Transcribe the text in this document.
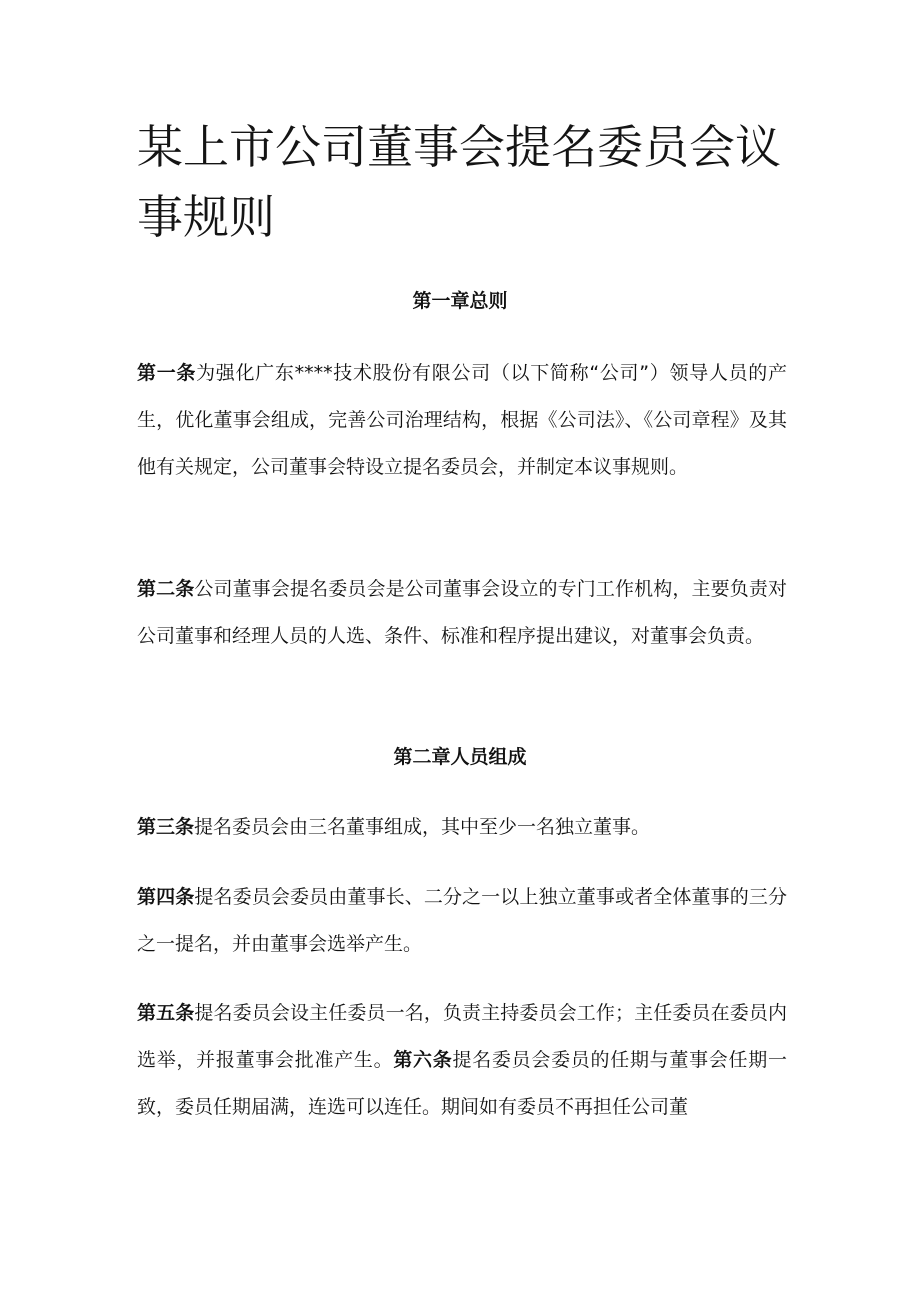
某上市公司董事会提名委员会议事规则
第一章总则

第一条为强化广东****技术股份有限公司（以下简称“公司”）领导人员的产生，优化董事会组成，完善公司治理结构，根据《公司法》、《公司章程》及其他有关规定，公司董事会特设立提名委员会，并制定本议事规则。

第二条公司董事会提名委员会是公司董事会设立的专门工作机构，主要负责对公司董事和经理人员的人选、条件、标准和程序提出建议，对董事会负责。

第二章人员组成

第三条提名委员会由三名董事组成，其中至少一名独立董事。

第四条提名委员会委员由董事长、二分之一以上独立董事或者全体董事的三分之一提名，并由董事会选举产生。

第五条提名委员会设主任委员一名，负责主持委员会工作；主任委员在委员内选举，并报董事会批准产生。第六条提名委员会委员的任期与董事会任期一致，委员任期届满，连选可以连任。期间如有委员不再担任公司董
